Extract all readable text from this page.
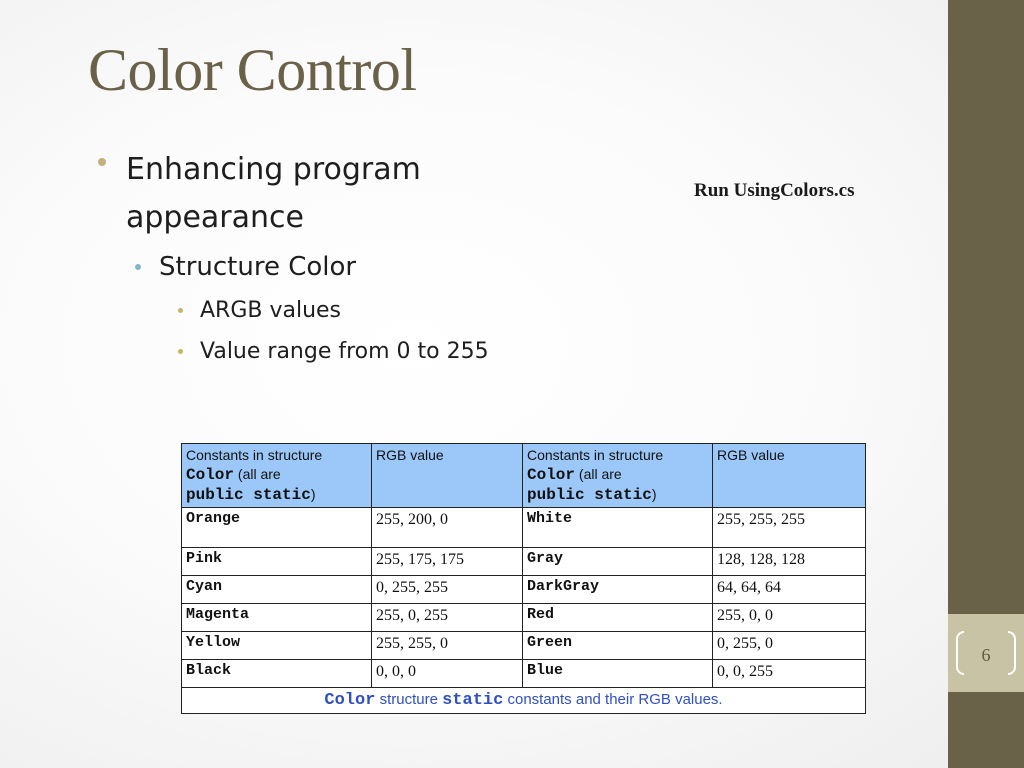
6
Color Control
Enhancing program appearance
Structure Color
ARGB values
Value range from 0 to 255
Run UsingColors.cs
Constants in structure
Color (all are
public static)	RGB value	Constants in structure
Color (all are
public static)	RGB value
Orange	255, 200, 0	White	255, 255, 255
Pink	255, 175, 175	Gray	128, 128, 128
Cyan	0, 255, 255	DarkGray	64, 64, 64
Magenta	255, 0, 255	Red	255, 0, 0
Yellow	255, 255, 0	Green	0, 255, 0
Black	0, 0, 0	Blue	0, 0, 255
Color structure static constants and their RGB values.			
